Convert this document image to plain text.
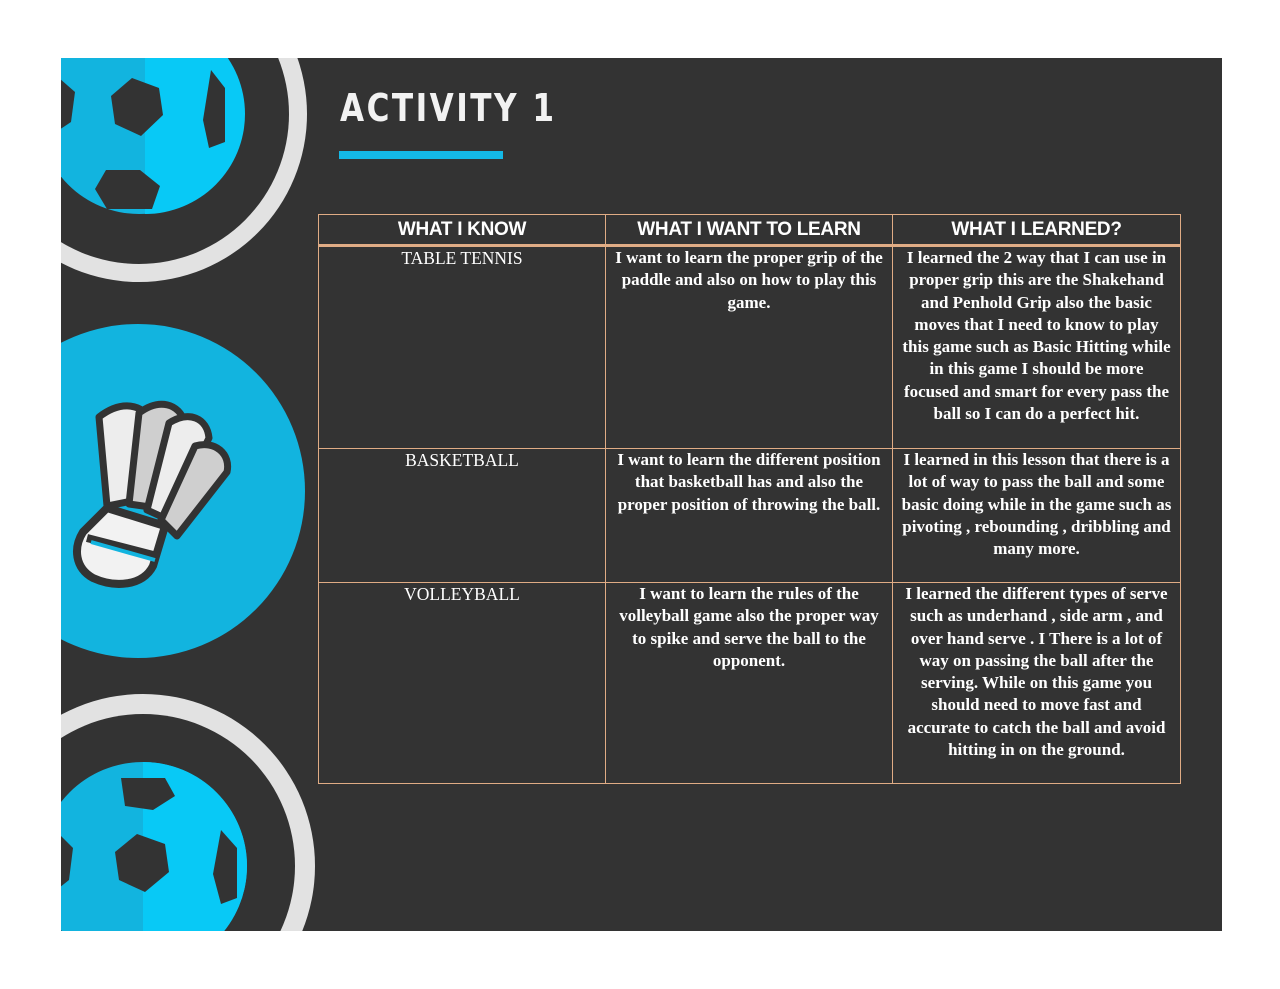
ACTIVITY 1
WHAT I KNOW	WHAT I WANT TO LEARN	WHAT I LEARNED?
TABLE TENNIS	I want to learn the proper grip of the paddle and also on how to play this game.	I learned the 2 way that I can use in proper grip this are the Shakehand and Penhold Grip also the basic moves that I need to know to play this game such as Basic Hitting while in this game I should be more focused and smart for every pass the ball so I can do a perfect hit.
BASKETBALL	I want to learn the different position that basketball has and also the proper position of throwing the ball.	I learned in this lesson that there is a lot of way to pass the ball and some basic doing while in the game such as pivoting , rebounding , dribbling and many more.
VOLLEYBALL	I want to learn the rules of the volleyball game also the proper way to spike and serve the ball to the opponent.	I learned the different types of serve such as underhand , side arm , and over hand serve . I There is a lot of way on passing the ball after the serving. While on this game you should need to move fast and accurate to catch the ball and avoid hitting in on the ground.
